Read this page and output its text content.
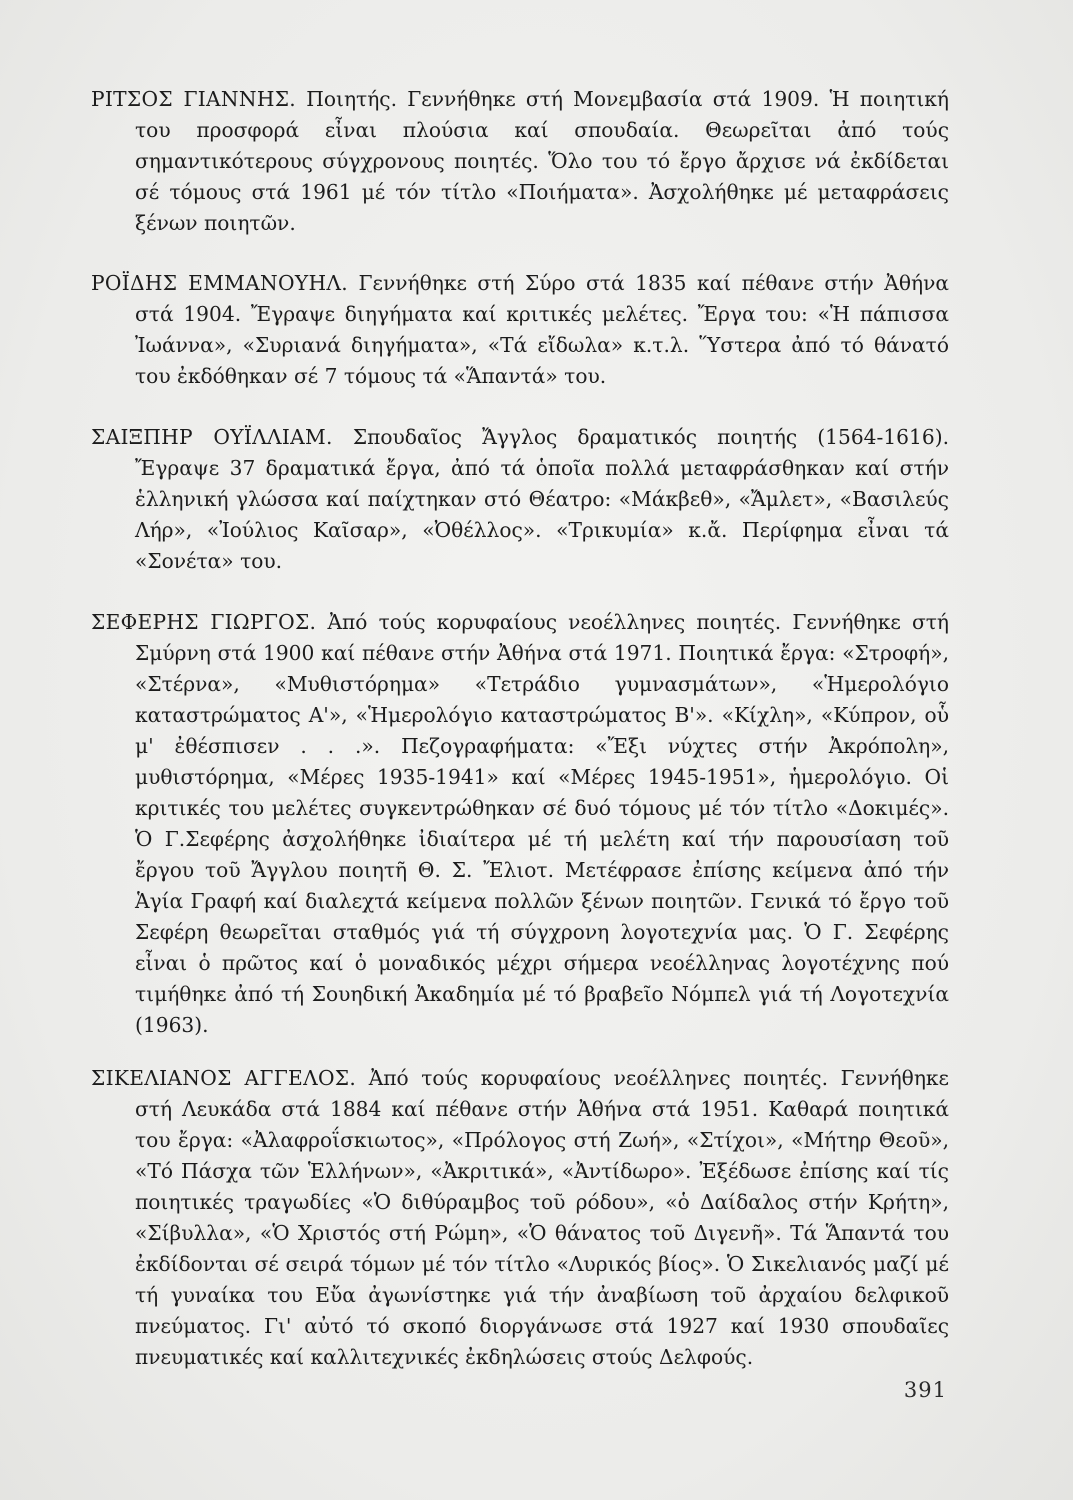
ΡΙΤΣΟΣ ΓΙΑΝΝΗΣ. Ποιητής. Γεννήθηκε στή Μονεμβασία στά 1909. Ἡ ποιητική του προσφορά εἶναι πλούσια καί σπουδαία. Θεωρεῖται ἀπό τούς σημαντικότερους σύγχρονους ποιητές. Ὅλο του τό ἔργο ἄρχισε νά ἐκδίδεται σέ τόμους στά 1961 μέ τόν τίτλο «Ποιήματα». Ἀσχολήθηκε μέ μεταφράσεις ξένων ποιητῶν.

ΡΟΪΔΗΣ ΕΜΜΑΝΟΥΗΛ. Γεννήθηκε στή Σύρο στά 1835 καί πέθανε στήν Ἀθήνα στά 1904. Ἔγραψε διηγήματα καί κριτικές μελέτες. Ἔργα του: «Ἡ πάπισσα Ἰωάννα», «Συριανά διηγήματα», «Τά εἴδωλα» κ.τ.λ. Ὕστερα ἀπό τό θάνατό του ἐκδόθηκαν σέ 7 τόμους τά «Ἅπαντά» του.

ΣΑΙΞΠΗΡ ΟΥΪΛΛΙΑΜ. Σπουδαῖος Ἄγγλος δραματικός ποιητής (1564-1616). Ἔγραψε 37 δραματικά ἔργα, ἀπό τά ὁποῖα πολλά μεταφράσθηκαν καί στήν ἑλληνική γλώσσα καί παίχτηκαν στό Θέατρο: «Μάκβεθ», «Ἄμλετ», «Βασιλεύς Λήρ», «Ἰούλιος Καῖσαρ», «Ὀθέλλος». «Τρικυμία» κ.ἄ. Περίφημα εἶναι τά «Σονέτα» του.

ΣΕΦΕΡΗΣ ΓΙΩΡΓΟΣ. Ἀπό τούς κορυφαίους νεοέλληνες ποιητές. Γεννήθηκε στή Σμύρνη στά 1900 καί πέθανε στήν Ἀθήνα στά 1971. Ποιητικά ἔργα: «Στροφή», «Στέρνα», «Μυθιστόρημα» «Τετράδιο γυμνασμάτων», «Ἡμερολόγιο καταστρώματος Α'», «Ἡμερολόγιο καταστρώματος Β'». «Κίχλη», «Κύπρον, οὗ μ' ἐθέσπισεν . . .». Πεζογραφήματα: «Ἔξι νύχτες στήν Ἀκρόπολη», μυθιστόρημα, «Μέρες 1935-1941» καί «Μέρες 1945-1951», ἡμερολόγιο. Οἱ κριτικές του μελέτες συγκεντρώθηκαν σέ δυό τόμους μέ τόν τίτλο «Δοκιμές». Ὁ Γ.Σεφέρης ἀσχολήθηκε ἰδιαίτερα μέ τή μελέτη καί τήν παρουσίαση τοῦ ἔργου τοῦ Ἄγγλου ποιητῆ Θ. Σ. Ἔλιοτ. Μετέφρασε ἐπίσης κείμενα ἀπό τήν Ἁγία Γραφή καί διαλεχτά κείμενα πολλῶν ξένων ποιητῶν. Γενικά τό ἔργο τοῦ Σεφέρη θεωρεῖται σταθμός γιά τή σύγχρονη λογοτεχνία μας. Ὁ Γ. Σεφέρης εἶναι ὁ πρῶτος καί ὁ μοναδικός μέχρι σήμερα νεοέλληνας λογοτέχνης πού τιμήθηκε ἀπό τή Σουηδική Ἀκαδημία μέ τό βραβεῖο Νόμπελ γιά τή Λογοτεχνία (1963).

ΣΙΚΕΛΙΑΝΟΣ ΑΓΓΕΛΟΣ. Ἀπό τούς κορυφαίους νεοέλληνες ποιητές. Γεννήθηκε στή Λευκάδα στά 1884 καί πέθανε στήν Ἀθήνα στά 1951. Καθαρά ποιητικά του ἔργα: «Ἀλαφροΐσκιωτος», «Πρόλογος στή Ζωή», «Στίχοι», «Μήτηρ Θεοῦ», «Τό Πάσχα τῶν Ἑλλήνων», «Ἀκριτικά», «Ἀντίδωρο». Ἐξέδωσε ἐπίσης καί τίς ποιητικές τραγωδίες «Ὁ διθύραμβος τοῦ ρόδου», «ὁ Δαίδαλος στήν Κρήτη», «Σίβυλλα», «Ὁ Χριστός στή Ρώμη», «Ὁ θάνατος τοῦ Διγενῆ». Τά Ἅπαντά του ἐκδίδονται σέ σειρά τόμων μέ τόν τίτλο «Λυρικός βίος». Ὁ Σικελιανός μαζί μέ τή γυναίκα του Εὔα ἀγωνίστηκε γιά τήν ἀναβίωση τοῦ ἀρχαίου δελφικοῦ πνεύματος. Γι' αὐτό τό σκοπό διοργάνωσε στά 1927 καί 1930 σπουδαῖες πνευματικές καί καλλιτεχνικές ἐκδηλώσεις στούς Δελφούς.

391
